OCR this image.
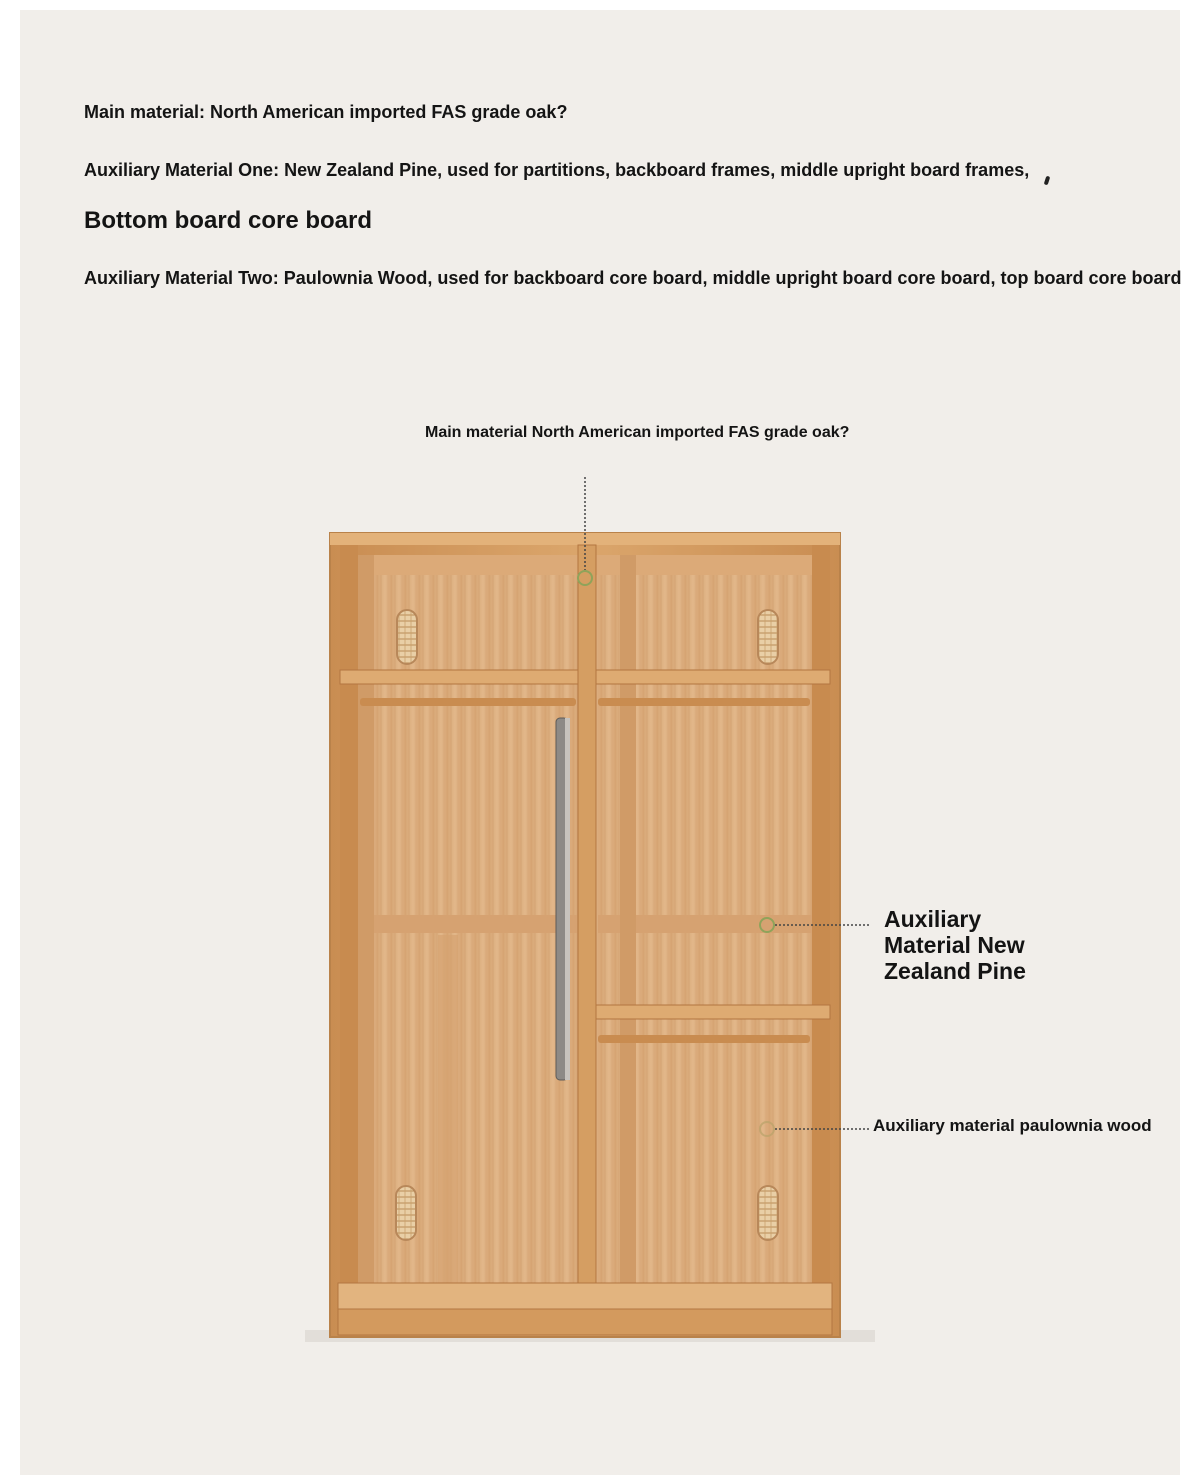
Main material: North American imported FAS grade oak?
Auxiliary Material One: New Zealand Pine, used for partitions, backboard frames, middle upright board frames,
Bottom board core board
Auxiliary Material Two: Paulownia Wood, used for backboard core board, middle upright board core board, top board core board
Main material North American imported FAS grade oak?
Auxiliary
Material New
Zealand Pine
Auxiliary material paulownia wood
